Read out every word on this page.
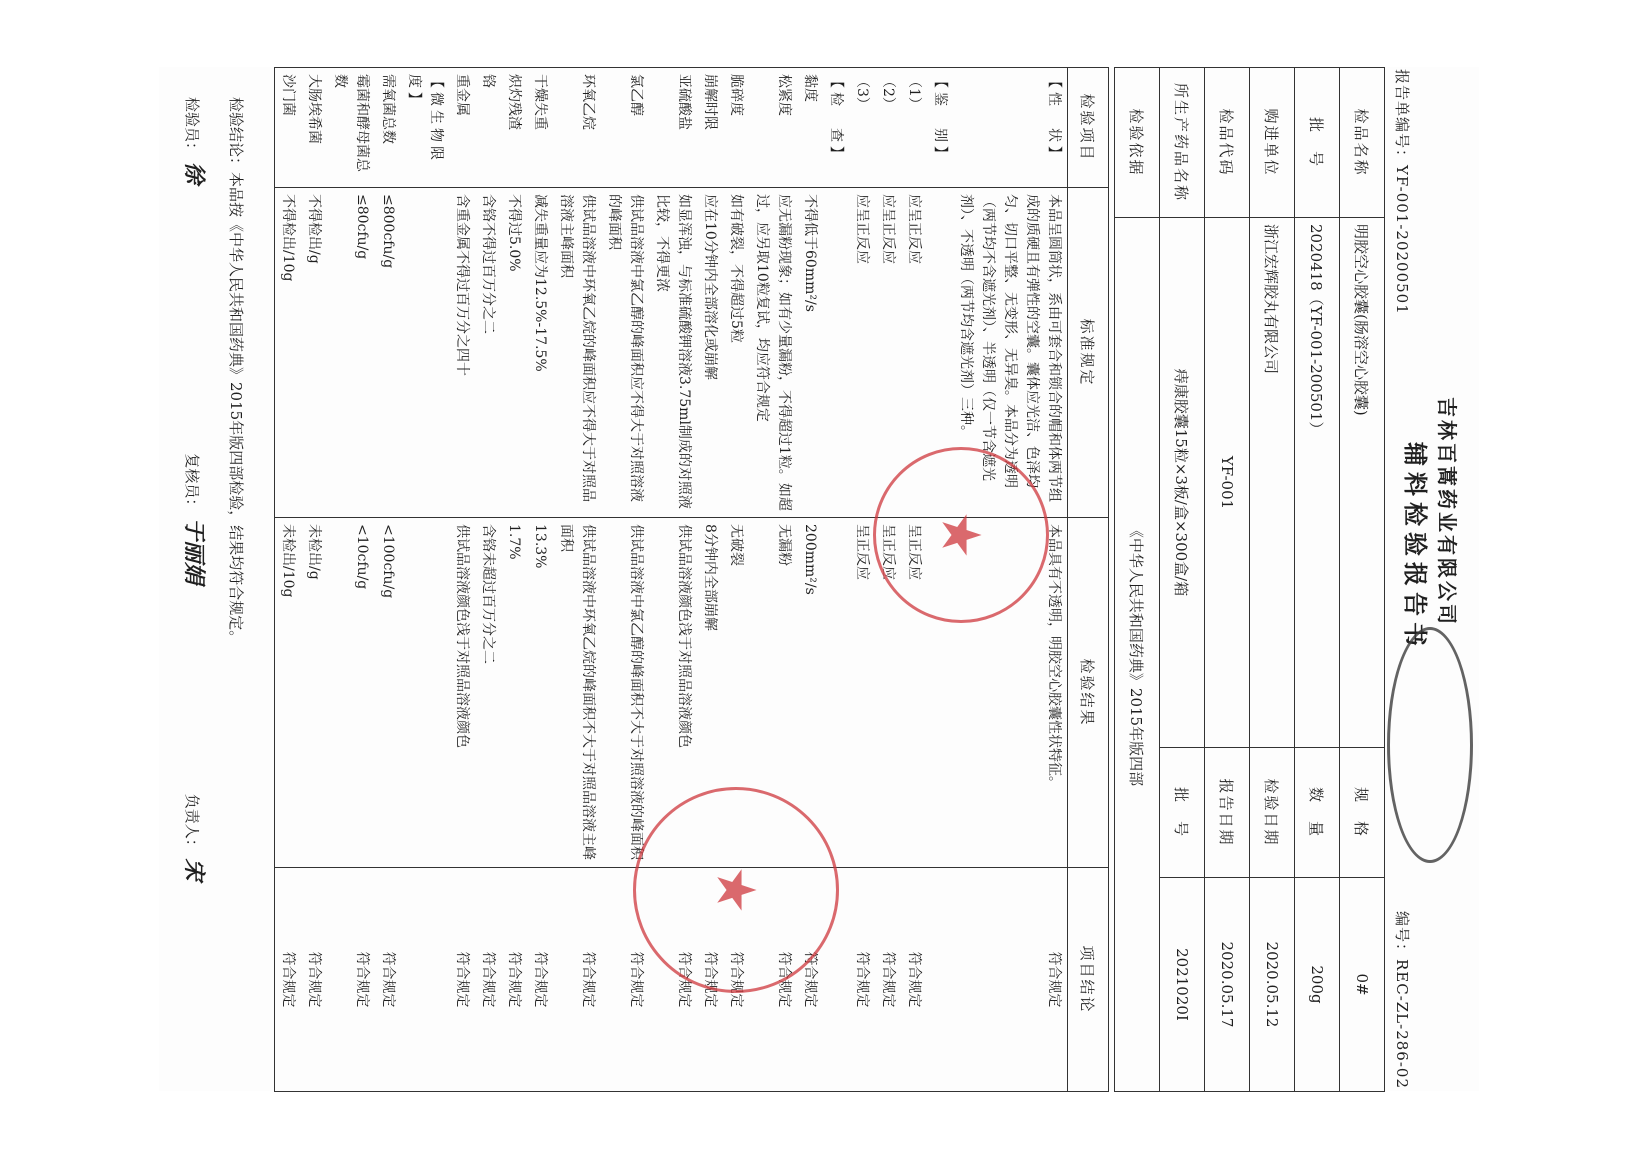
吉林百蒿药业有限公司
辅料检验报告书
报告单编号：YF-001-20200501
编号：REC-ZL-286-02
检品名称	明胶空心胶囊(肠溶空心胶囊)	规　格	0#
批　号	2020418（YF-001-200501）	数　量	200g
购进单位	浙江宏辉胶丸有限公司	检验日期	2020.05.12
检品代码	YF-001	报告日期	2020.05.17
所生产药品名称	痔康胶囊15粒×3板/盒×300盒/箱	批　号	2021020I
检验依据	《中华人民共和国药典》2015年版四部		
检验项目	标准规定	检验结果	项目结论
【性　状】	本品呈圆筒状，系由可套合和锁合的帽和体两节组成的质硬且有弹性的空囊。囊体应光洁、色泽均匀、切口平整、无变形、无异臭。本品分为透明（两节均不含遮光剂）、半透明（仅一节含遮光剂）、不透明（两节均含遮光剂）三种。	本品具有不透明，明胶空心胶囊性状特征。	符合规定
【鉴　别】			
（1）	应呈正反应	呈正反应	符合规定
（2）	应呈正反应	呈正反应	符合规定
（3）	应呈正反应	呈正反应	符合规定
【检　查】			
黏度	不得低于60mm²/s	200mm²/s	符合规定
松紧度	应无漏粉现象；如有少量漏粉，不得超过1粒。如超过，应另取10粒复试，均应符合规定	无漏粉	符合规定
脆碎度	如有破裂，不得超过5粒	无破裂	符合规定
崩解时限	应在10分钟内全部溶化或崩解	8分钟内全部崩解	符合规定
亚硫酸盐	如显浑浊，与标准硫酸钾溶液3.75ml制成的对照液比较，不得更浓	供试品溶液颜色浅于对照品溶液颜色	符合规定
氯乙醇	供试品溶液中氯乙醇的峰面积应不得大于对照溶液的峰面积	供试品溶液中氯乙醇的峰面积不大于对照溶液的峰面积	符合规定
环氧乙烷	供试品溶液中环氧乙烷的峰面积应不得大于对照品溶液主峰面积	供试品溶液中环氧乙烷的峰面积不大于对照品溶液主峰面积	符合规定
干燥失重	减失重量应为12.5%-17.5%	13.3%	符合规定
炽灼残渣	不得过5.0%	1.7%	符合规定
铬	含铬不得过百万分之二	含铬未超过百万分之二	符合规定
重金属	含重金属不得过百万分之四十	供试品溶液颜色浅于对照品溶液颜色	符合规定
【微生物限度】			
需氧菌总数	≤800cfu/g	<100cfu/g	符合规定
霉菌和酵母菌总数	≤80cfu/g	<10cfu/g	符合规定
大肠埃希菌	不得检出/g	未检出/g	符合规定
沙门菌	不得检出/10g	未检出/10g	符合规定
★
★
检验结论：本品按《中华人民共和国药典》2015年版四部检验，结果均符合规定。
检验员： 徐  复核员： 于丽娟  负责人： 宋
